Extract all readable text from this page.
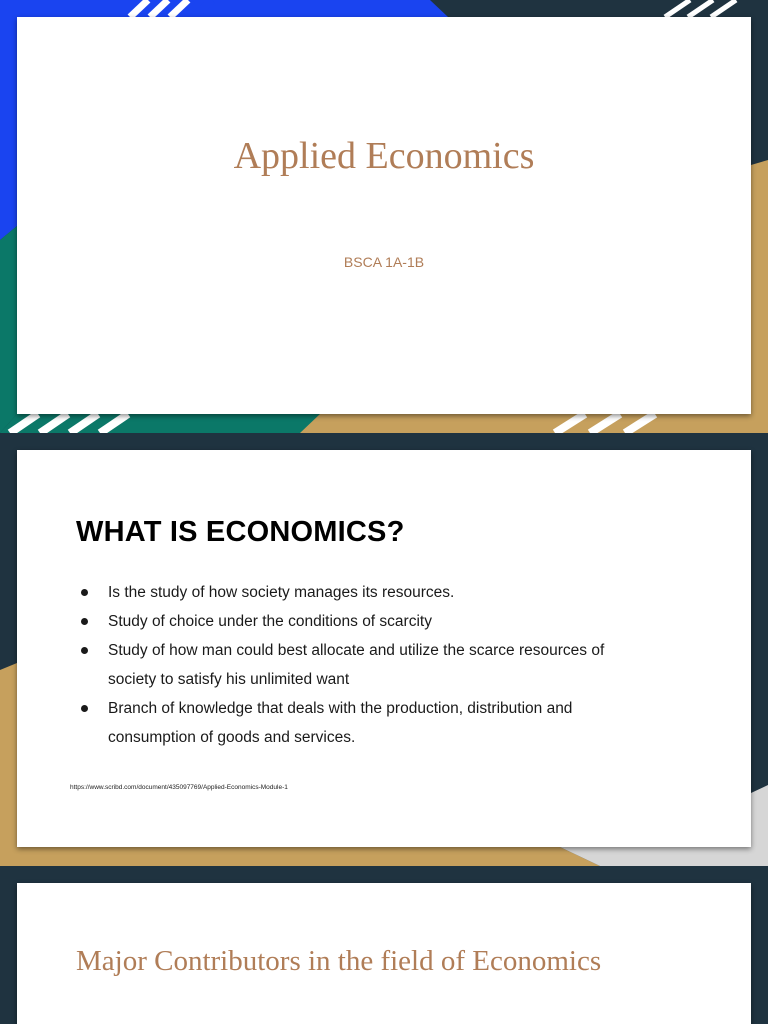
Applied Economics
BSCA 1A-1B
WHAT IS ECONOMICS?
Is the study of how society manages its resources.
Study of choice under the conditions of scarcity
Study of how man could best allocate and utilize the scarce resources of society to satisfy his unlimited want
Branch of knowledge that deals with the production, distribution and consumption of goods and services.
https://www.scribd.com/document/435097769/Applied-Economics-Module-1
Major Contributors in the field of Economics
